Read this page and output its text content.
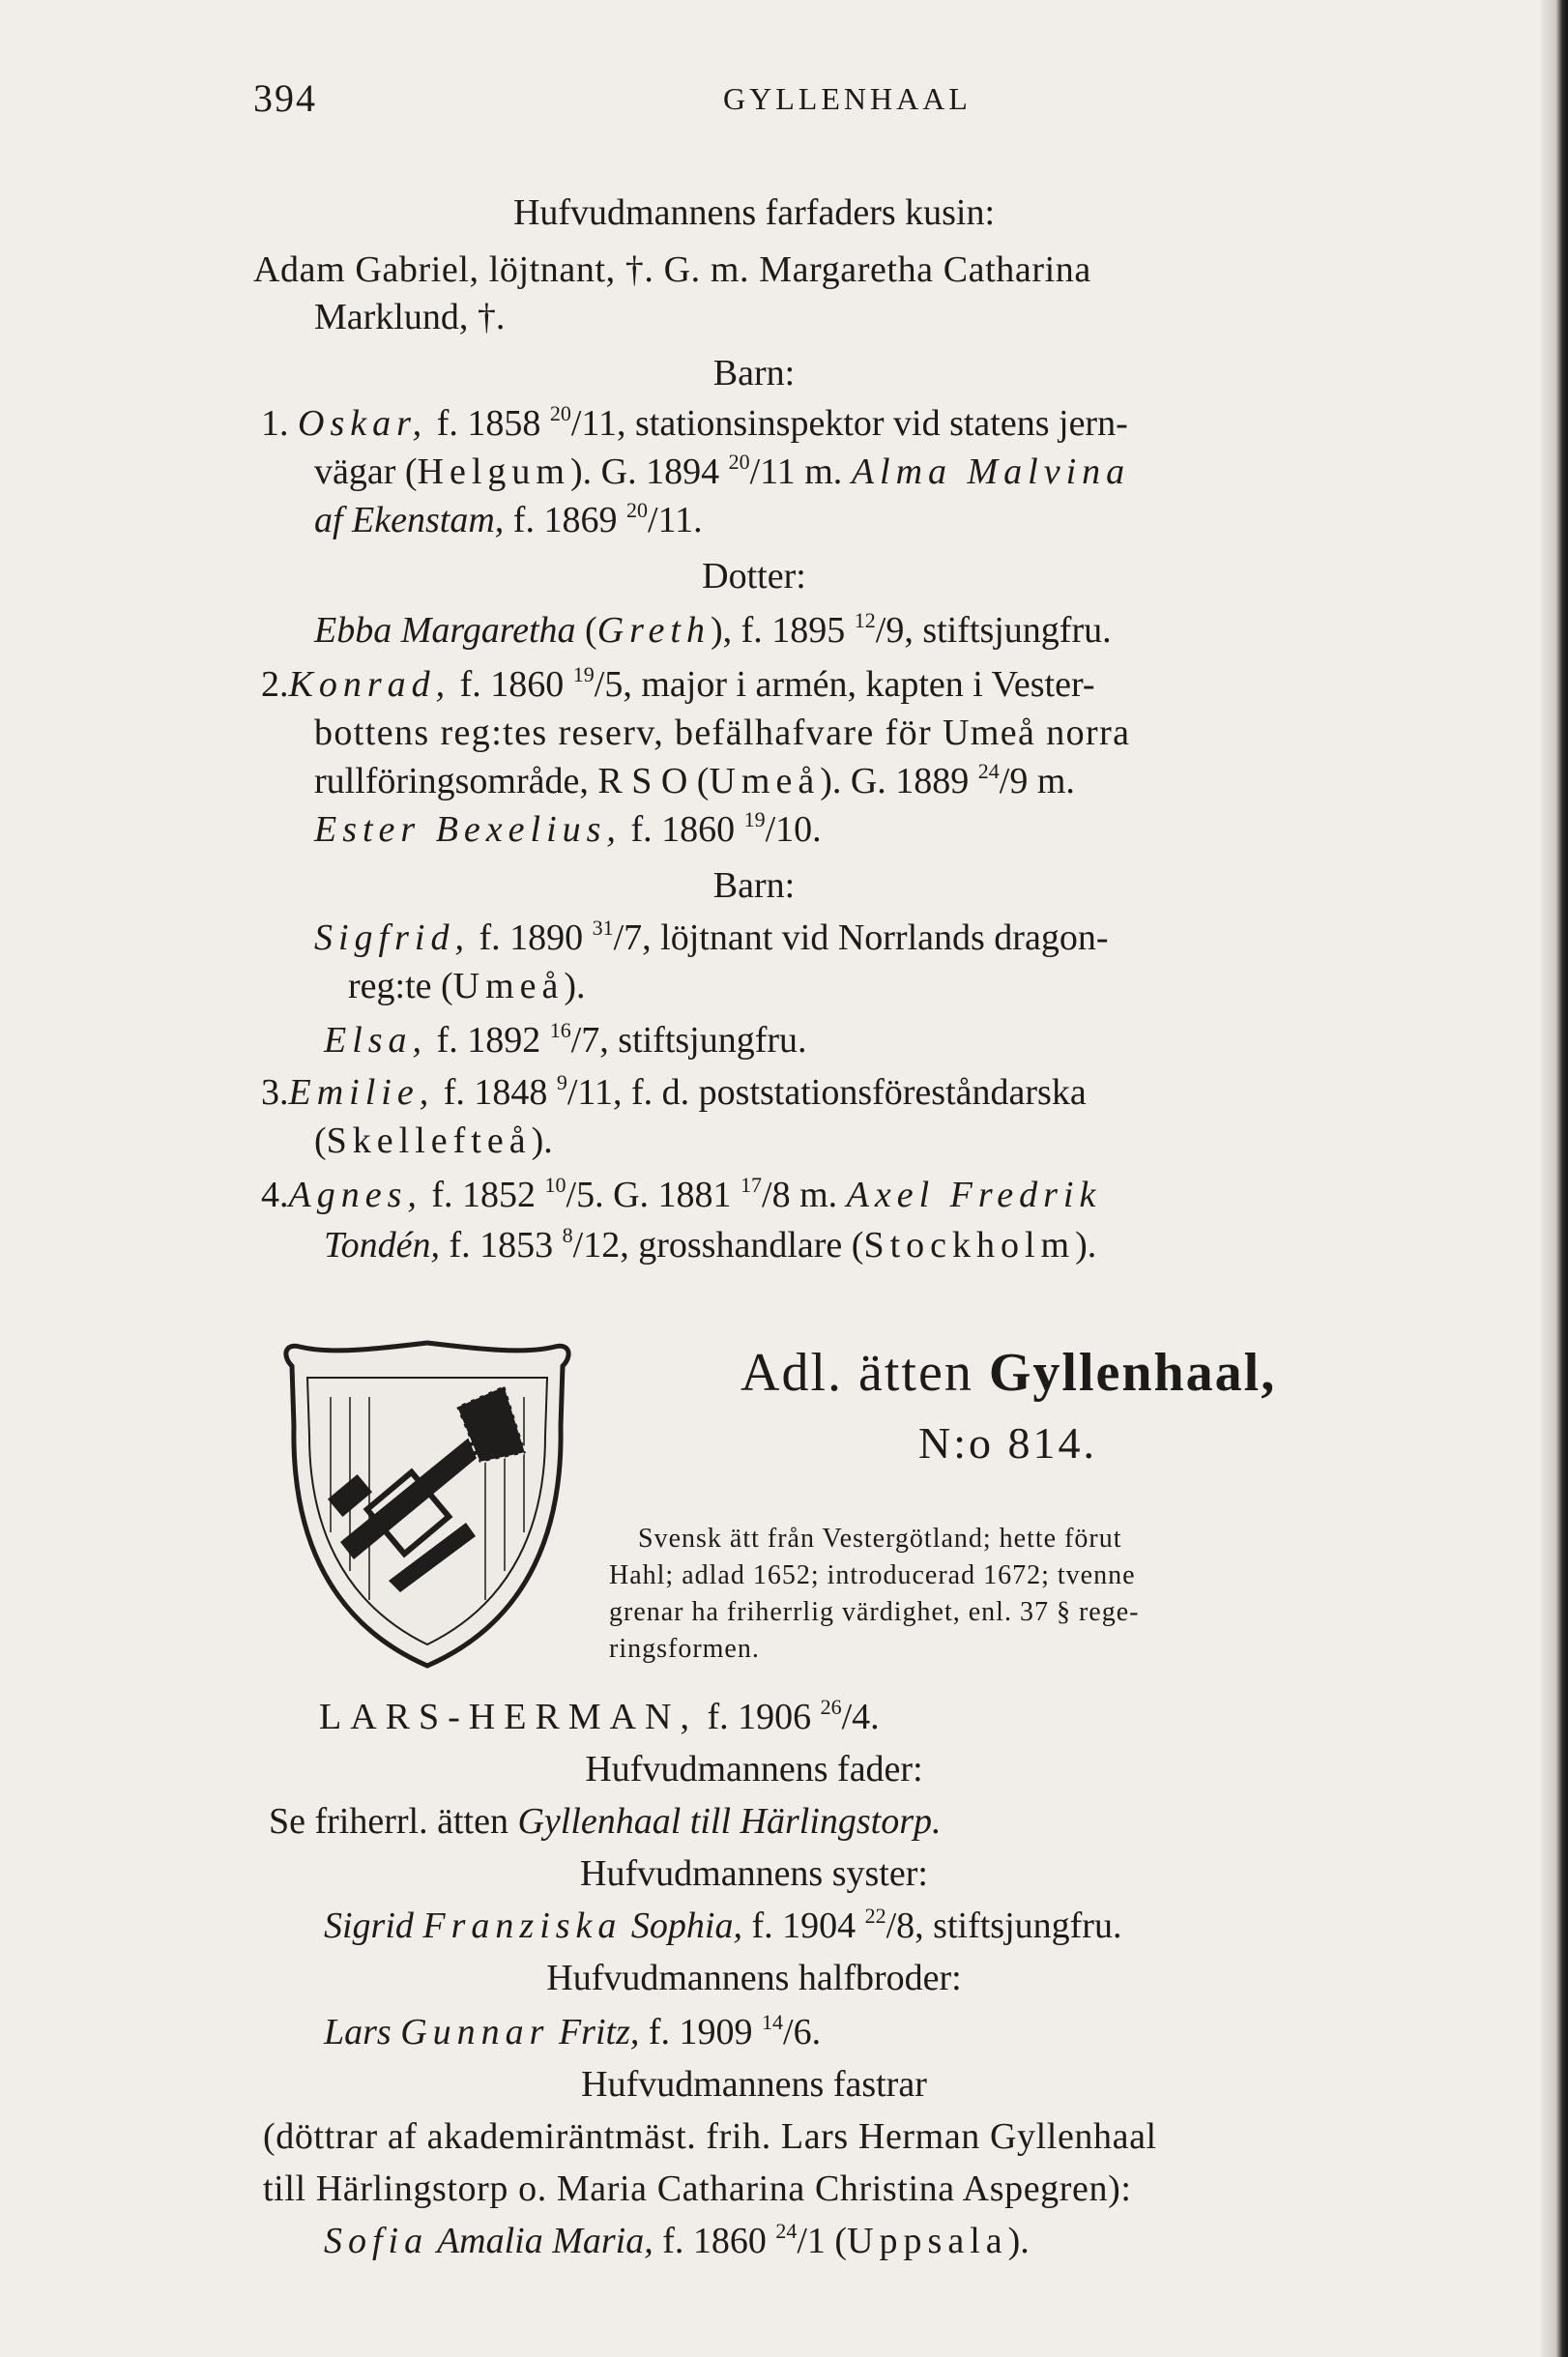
394	GYLLENHAAL
Hufvudmannens farfaders kusin:
Adam Gabriel, löjtnant, †. G. m. Margaretha Catharina
Marklund, †.
Barn:
1. Oskar, f. 1858 $^{20}$/11, stationsinspektor vid statens jern-
vägar (Helgum). G. 1894 $^{20}$/11 m. Alma Malvina
af Ekenstam, f. 1869 $^{20}$/11.
Dotter:
Ebba Margaretha (Greth), f. 1895 $^{12}$/9, stiftsjungfru.
2.Konrad, f. 1860 $^{19}$/5, major i armén, kapten i Vester-
bottens reg:tes reserv, befälhafvare för Umeå norra
rullföringsområde, R S O (Umeå). G. 1889 $^{24}$/9 m.
Ester Bexelius, f. 1860 $^{19}$/10.
Barn:
Sigfrid, f. 1890 $^{31}$/7, löjtnant vid Norrlands dragon-
reg:te (Umeå).
Elsa, f. 1892 $^{16}$/7, stiftsjungfru.
3.Emilie, f. 1848 $^9$/11, f. d. poststationsföreståndarska
(Skellefteå).
4.Agnes, f. 1852 $^{10}$/5. G. 1881 $^{17}$/8 m. Axel Fredrik
Tondén, f. 1853 $^8$/12, grosshandlare (Stockholm).
Adl. ätten Gyllenhaal,
N:o 814.
Svensk ätt från Vestergötland; hette förut
Hahl; adlad 1652; introducerad 1672; tvenne
grenar ha friherrlig värdighet, enl. 37 § rege-
ringsformen.
LARS-HERMAN, f. 1906 $^{26}$/4.
Hufvudmannens fader:
Se friherrl. ätten Gyllenhaal till Härlingstorp.
Hufvudmannens syster:
Sigrid Franziska Sophia, f. 1904 $^{22}$/8, stiftsjungfru.
Hufvudmannens halfbroder:
Lars Gunnar Fritz, f. 1909 $^{14}$/6.
Hufvudmannens fastrar
(döttrar af akademiräntmäst. frih. Lars Herman Gyllenhaal
till Härlingstorp o. Maria Catharina Christina Aspegren):
Sofia Amalia Maria, f. 1860 $^{24}$/1 (Uppsala).
